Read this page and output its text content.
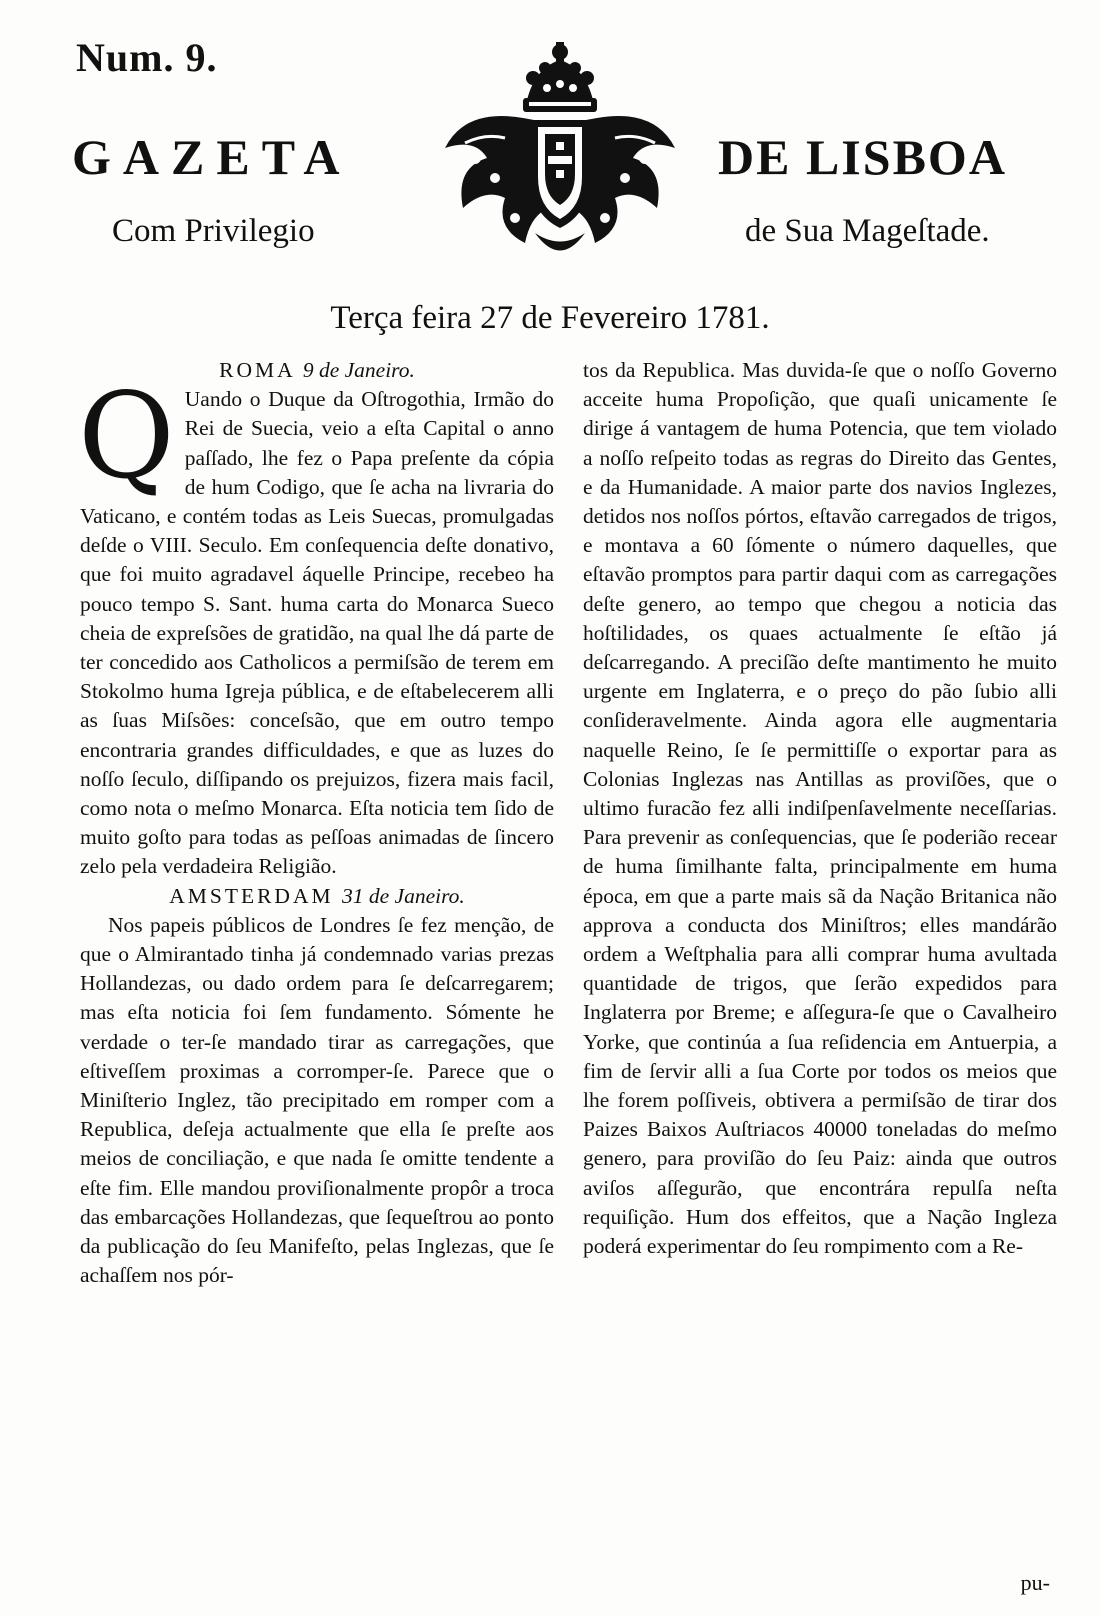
Num. 9.
GAZETA	DE LISBOA
Com Privilegio	de Sua Mageſtade.
Terça feira 27 de Fevereiro 1781.
ROMA 9 de Janeiro.

Q Uando o Duque da Oſtrogothia, Irmão do Rei de Suecia, veio a eſta Capital o anno paſſado, lhe fez o Papa preſente da cópia de hum Codigo, que ſe acha na livraria do Vaticano, e contém todas as Leis Suecas, promulgadas deſde o VIII. Seculo. Em conſequencia deſte donativo, que foi muito agradavel áquelle Principe, recebeo ha pouco tempo S. Sant. huma carta do Monarca Sueco cheia de expreſsões de gratidão, na qual lhe dá parte de ter concedido aos Catholicos a permiſsão de terem em Stokolmo huma Igreja pública, e de eſtabelecerem alli as ſuas Miſsões: conceſsão, que em outro tempo encontraria grandes difficuldades, e que as luzes do noſſo ſeculo, diſſipando os prejuizos, fizera mais facil, como nota o meſmo Monarca. Eſta noticia tem ſido de muito goſto para todas as peſſoas animadas de ſincero zelo pela verdadeira Religião.

AMSTERDAM 31 de Janeiro.

Nos papeis públicos de Londres ſe fez menção, de que o Almirantado tinha já condemnado varias prezas Hollandezas, ou dado ordem para ſe deſcarregarem; mas eſta noticia foi ſem fundamento. Sómente he verdade o ter-ſe mandado tirar as carregações, que eſtiveſſem proximas a corromper-ſe. Parece que o Miniſterio Inglez, tão precipitado em romper com a Republica, deſeja actualmente que ella ſe preſte aos meios de conciliação, e que nada ſe omitte tendente a eſte fim. Elle mandou proviſionalmente propôr a troca das embarcações Hollandezas, que ſequeſtrou ao ponto da publicação do ſeu Manifeſto, pelas Inglezas, que ſe achaſſem nos pór-

tos da Republica. Mas duvida-ſe que o noſſo Governo acceite huma Propoſição, que quaſi unicamente ſe dirige á vantagem de huma Potencia, que tem violado a noſſo reſpeito todas as regras do Direito das Gentes, e da Humanidade. A maior parte dos navios Inglezes, detidos nos noſſos pórtos, eſtavão carregados de trigos, e montava a 60 ſómente o número daquelles, que eſtavão promptos para partir daqui com as carregações deſte genero, ao tempo que chegou a noticia das hoſtilidades, os quaes actualmente ſe eſtão já deſcarregando. A preciſão deſte mantimento he muito urgente em Inglaterra, e o preço do pão ſubio alli conſideravelmente. Ainda agora elle augmentaria naquelle Reino, ſe ſe permittiſſe o exportar para as Colonias Inglezas nas Antillas as proviſões, que o ultimo furacão fez alli indiſpenſavelmente neceſſarias. Para prevenir as conſequencias, que ſe poderião recear de huma ſimilhante falta, principalmente em huma época, em que a parte mais sã da Nação Britanica não approva a conducta dos Miniſtros; elles mandárão ordem a Weſtphalia para alli comprar huma avultada quantidade de trigos, que ſerão expedidos para Inglaterra por Breme; e aſſegura-ſe que o Cavalheiro Yorke, que continúa a ſua reſidencia em Antuerpia, a fim de ſervir alli a ſua Corte por todos os meios que lhe forem poſſiveis, obtivera a permiſsão de tirar dos Paizes Baixos Auſtriacos 40000 toneladas do meſmo genero, para proviſão do ſeu Paiz: ainda que outros aviſos aſſegurão, que encontrára repulſa neſta requiſição. Hum dos effeitos, que a Nação Ingleza poderá experimentar do ſeu rompimento com a Re-

pu-
